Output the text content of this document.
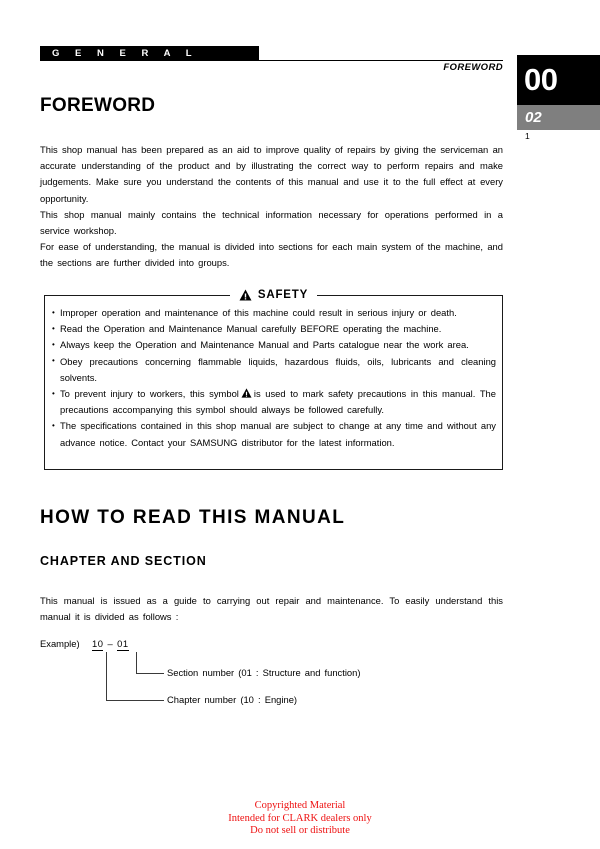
G E N E R A L
FOREWORD 00
02
1
FOREWORD

This shop manual has been prepared as an aid to improve quality of repairs by giving the serviceman an accurate understanding of the product and by illustrating the correct way to perform repairs and make judgements. Make sure you understand the contents of this manual and use it to the full effect at every opportunity.

This shop manual mainly contains the technical information necessary for operations performed in a service workshop.

For ease of understanding, the manual is divided into sections for each main system of the machine, and the sections are further divided into groups.

SAFETY
• Improper operation and maintenance of this machine could result in serious injury or death.
• Read the Operation and Maintenance Manual carefully BEFORE operating the machine.
• Always keep the Operation and Maintenance Manual and Parts catalogue near the work area.
• Obey precautions concerning flammable liquids, hazardous fluids, oils, lubricants and cleaning solvents.
• To prevent injury to workers, this symbol is used to mark safety precautions in this manual. The precautions accompanying this symbol should always be followed carefully.
• The specifications contained in this shop manual are subject to change at any time and without any advance notice. Contact your SAMSUNG distributor for the latest information.
HOW TO READ THIS MANUAL
CHAPTER AND SECTION

This manual is issued as a guide to carrying out repair and maintenance. To easily understand this manual it is divided as follows :

Example) 10 – 01
Section number (01 : Structure and function)
Chapter number (10 : Engine)
Copyrighted Material
Intended for CLARK dealers only
Do not sell or distribute
